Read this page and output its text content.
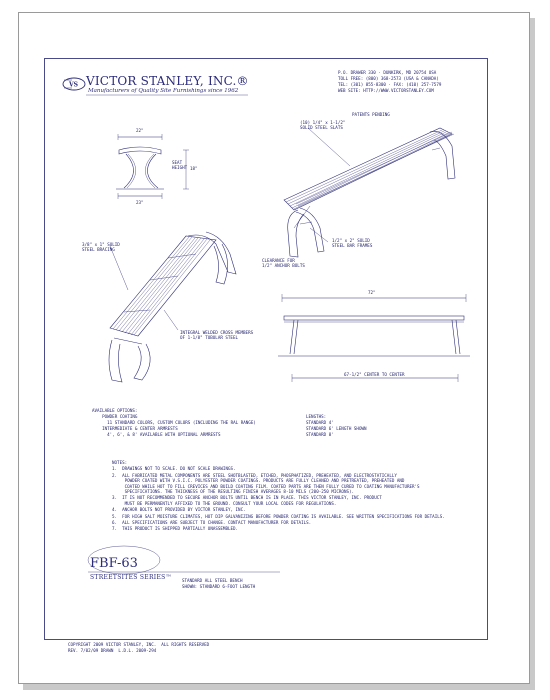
VS VICTOR STANLEY, INC.®
Manufacturers of Quality Site Furnishings since 1962
P.O. DRAWER 330 · DUNKIRK, MD 20754 USA
TOLL FREE: (800) 368-2573 (USA & CANADA)
TEL: (301) 855-8300 · FAX: (410) 257-7579
WEB SITE: HTTP://WWW.VICTORSTANLEY.COM
22"
23"
SEAT
HEIGHT 18"
72"
67-1/2" CENTER TO CENTER
PATENTS PENDING
(10) 1/4" x 1-1/2"
SOLID STEEL SLATS
1/2" x 2" SOLID
STEEL BAR FRAMES
CLEARANCE FOR
1/2" ANCHOR BOLTS
3/8" x 1" SOLID
STEEL BRACING
INTEGRAL WELDED CROSS MEMBERS
OF 1-1/8" TUBULAR STEEL
AVAILABLE OPTIONS:
POWDER COATING
11 STANDARD COLORS, CUSTOM COLORS (INCLUDING THE RAL RANGE)
INTERMEDIATE & CENTER ARMRESTS
4', 6', & 8' AVAILABLE WITH OPTIONAL ARMRESTS
LENGTHS:
STANDARD 4'
STANDARD 6' LENGTH SHOWN
STANDARD 8'
NOTES:
1.  DRAWINGS NOT TO SCALE. DO NOT SCALE DRAWINGS.
2.  ALL FABRICATED METAL COMPONENTS ARE STEEL SHOTBLASTED, ETCHED, PHOSPHATIZED, PREHEATED, AND ELECTROSTATICALLY
POWDER COATED WITH V.S.I.C. POLYESTER POWDER COATINGS. PRODUCTS ARE FULLY CLEANED AND PRETREATED, PREHEATED AND
COATED WHILE HOT TO FILL CREVICES AND BUILD COATING FILM. COATED PARTS ARE THEN FULLY CURED TO COATING MANUFACTURER'S
SPECIFICATIONS. THE THICKNESS OF THE RESULTING FINISH AVERAGES 8-10 MILS (200-250 MICRONS).
3.  IT IS NOT RECOMMENDED TO SECURE ANCHOR BOLTS UNTIL BENCH IS IN PLACE. THIS VICTOR STANLEY, INC. PRODUCT
MUST BE PERMANENTLY AFFIXED TO THE GROUND. CONSULT YOUR LOCAL CODES FOR REGULATIONS.
4.  ANCHOR BOLTS NOT PROVIDED BY VICTOR STANLEY, INC.
5.  FOR HIGH SALT MOISTURE CLIMATES, HOT DIP GALVANIZING BEFORE POWDER COATING IS AVAILABLE. SEE WRITTEN SPECIFICATIONS FOR DETAILS.
6.  ALL SPECIFICATIONS ARE SUBJECT TO CHANGE. CONTACT MANUFACTURER FOR DETAILS.
7.  THIS PRODUCT IS SHIPPED PARTIALLY UNASSEMBLED.
FBF-63
STREETSITES SERIES™ STANDARD ALL STEEL BENCH
SHOWN: STANDARD 6-FOOT LENGTH
COPYRIGHT 2009 VICTOR STANLEY, INC.  ALL RIGHTS RESERVED
REV. 7/02/09 DRAWN  L.D.L. 2009-294
